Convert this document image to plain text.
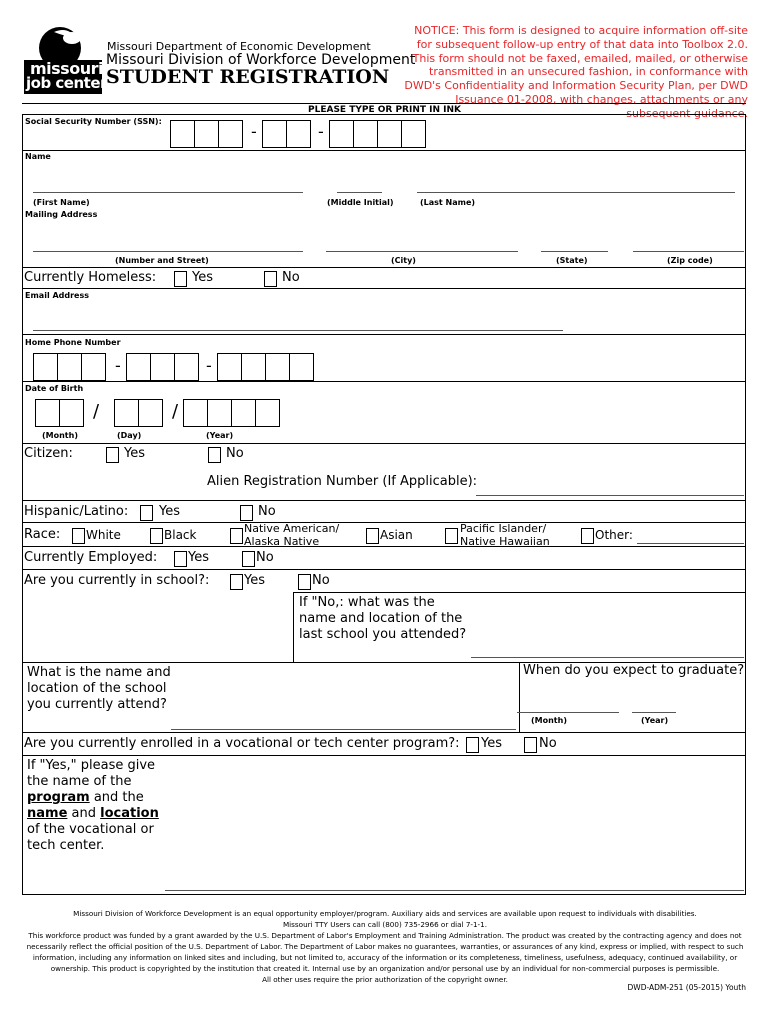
missouri
job center
Missouri Department of Economic Development
Missouri Division of Workforce Development
STUDENT REGISTRATION
NOTICE: This form is designed to acquire information off-site for subsequent follow-up entry of that data into Toolbox 2.0. This form should not be faxed, emailed, mailed, or otherwise transmitted in an unsecured fashion, in conformance with DWD's Confidentiality and Information Security Plan, per DWD Issuance 01-2008, with changes, attachments or any subsequent guidance.
PLEASE TYPE OR PRINT IN INK
Social Security Number (SSN):
-	-
Name
(First Name)	(Middle Initial)	(Last Name)
Mailing Address
(Number and Street)	(City)	(State)	(Zip code)
Currently Homeless:	Yes	No
Email Address
Home Phone Number
-	-
Date of Birth
/	/
(Month)	(Day)	(Year)
Citizen:	Yes	No
Alien Registration Number (If Applicable):
Hispanic/Latino: Yes	No
Race: White	Black	Native American/
Alaska Native	Asian	Pacific Islander/
Native Hawaiian	Other:
Currently Employed: Yes	No
Are you currently in school?:	Yes	No
If "No,: what was the
name and location of the
last school you attended?
What is the name and
location of the school
you currently attend?
When do you expect to graduate?
(Month)	(Year)
Are you currently enrolled in a vocational or tech center program?: Yes	No
If "Yes," please give
the name of the
program and the
name and location
of the vocational or
tech center.
Missouri Division of Workforce Development is an equal opportunity employer/program. Auxiliary aids and services are available upon request to individuals with disabilities.
Missouri TTY Users can call (800) 735-2966 or dial 7-1-1.
This workforce product was funded by a grant awarded by the U.S. Department of Labor's Employment and Training Administration. The product was created by the contracting agency and does not
necessarily reflect the official position of the U.S. Department of Labor. The Department of Labor makes no guarantees, warranties, or assurances of any kind, express or implied, with respect to such
information, including any information on linked sites and including, but not limited to, accuracy of the information or its completeness, timeliness, usefulness, adequacy, continued availability, or
ownership. This product is copyrighted by the institution that created it. Internal use by an organization and/or personal use by an individual for non-commercial purposes is permissible.
All other uses require the prior authorization of the copyright owner.
DWD-ADM-251 (05-2015) Youth
